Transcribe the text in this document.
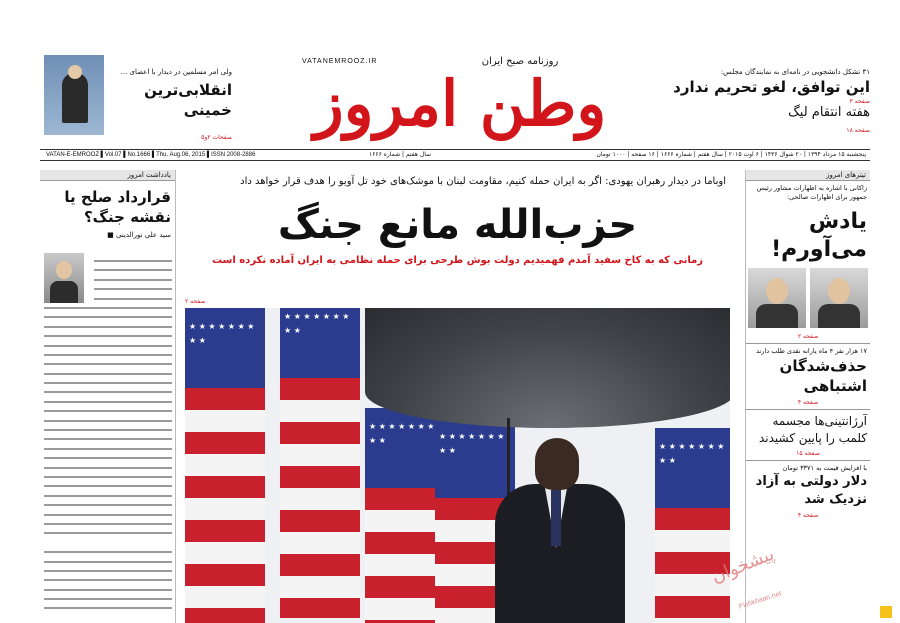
ولی امر مسلمین در دیدار با اعضای ...
انقلابی‌ترین خمینی
صفحات ۲و۵
VATANEMROOZ.IR	روزنامه صبح ایران
وطن امروز	۴۱ تشکل دانشجویی در نامه‌ای به نمایندگان مجلس:
این توافق، لغو تحریم ندارد
صفحه ۳
هفته انتقام لیگ
صفحه ۱۸
VATAN-E-EMROOZ ▌Vol.07 ▌No.1666 ▌Thu. Aug.06, 2015 ▌ISSN 2008-2886	سال هفتم | شماره ۱۶۶۶	پنجشنبه ۱۵ مرداد ۱۳۹۴ | ۲۰ شوال ۱۴۳۶ | ۶ اوت ۲۰۱۵ | سال هفتم | شماره ۱۶۶۶ | ۱۶ صفحه | ۱۰۰۰ تومان
یادداشت امروز
قرارداد صلح یا نقشه جنگ؟
سید علی نورالدینی ■
اوباما در دیدار رهبران یهودی: اگر به ایران حمله کنیم، مقاومت لبنان با موشک‌های خود تل آویو را هدف قرار خواهد داد
حزب‌الله مانع جنگ
زمانی که به کاخ سفید آمدم فهمیدیم دولت بوش طرحی برای حمله نظامی به ایران آماده نکرده است
صفحه ۲
★ ★ ★ ★ ★ ★ ★ ★ ★
★ ★ ★ ★ ★ ★ ★ ★ ★
★ ★ ★ ★ ★ ★ ★ ★ ★
★ ★ ★ ★ ★ ★ ★ ★ ★
★ ★ ★ ★ ★ ★ ★ ★ ★
تیترهای امروز
زاکانی با اشاره به اظهارات مشاور رئیس جمهور برای اظهارات صالحی:
یادش می‌آورم!
صفحه ۲
۱۷ هزار نفر ۴ ماه یارانه نقدی طلب دارند
حذف‌شدگان اشتباهی
صفحه ۴
آرژانتینی‌ها مجسمه کلمب را پایین کشیدند
صفحه ۱۵
با افزایش قیمت به ۳۳۷۱ تومان
دلار دولتی به آزاد نزدیک شد
صفحه ۴
پیشخوان
Pishkhaan.net
